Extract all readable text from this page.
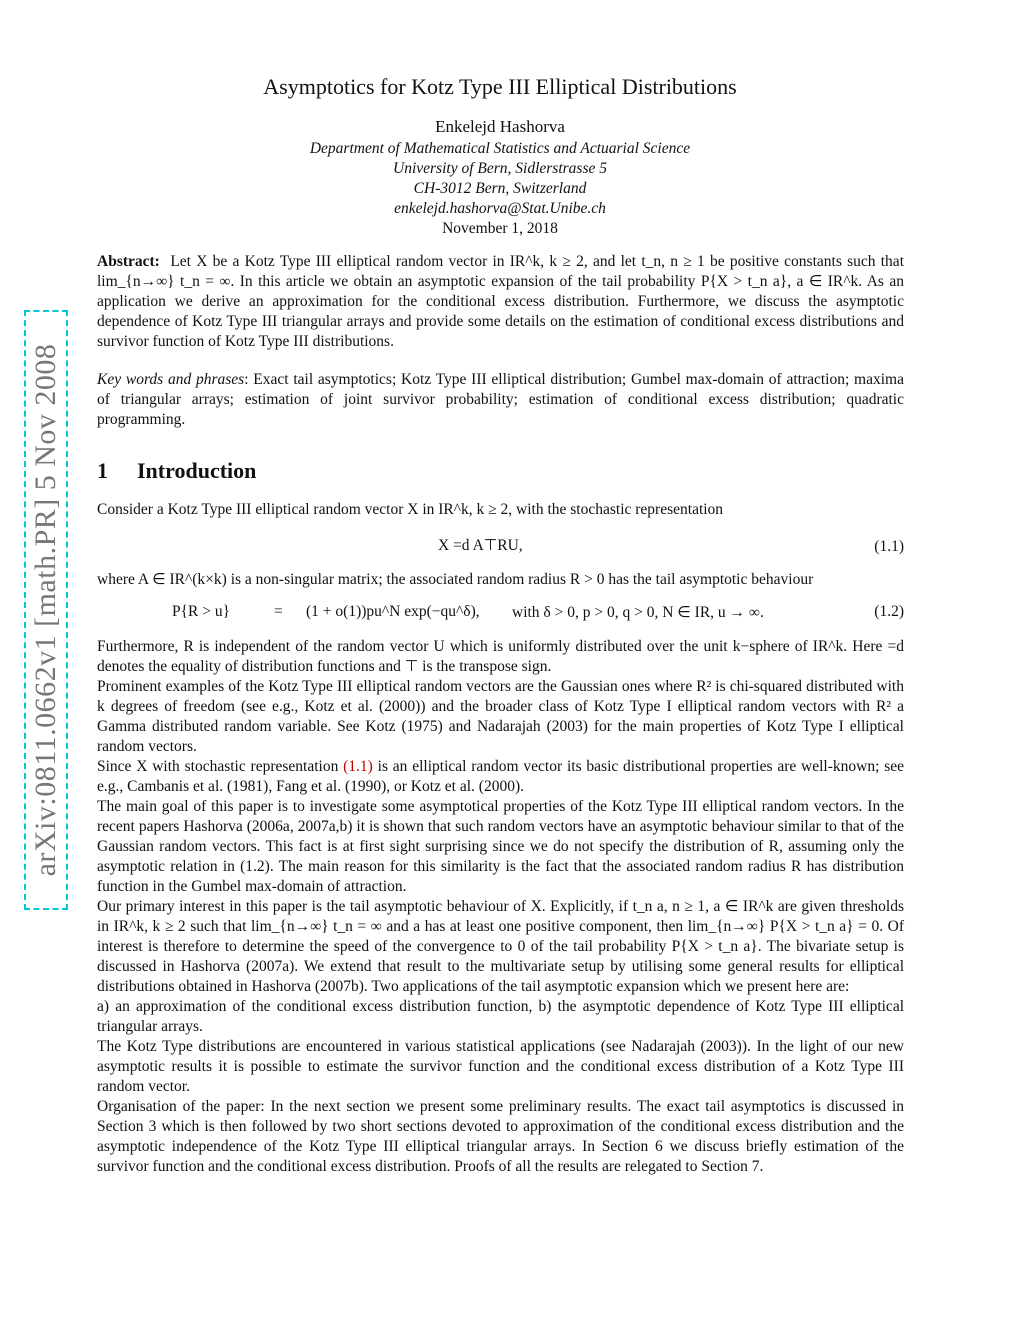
arXiv:0811.0662v1 [math.PR] 5 Nov 2008
Asymptotics for Kotz Type III Elliptical Distributions
Enkelejd Hashorva
Department of Mathematical Statistics and Actuarial Science
University of Bern, Sidlerstrasse 5
CH-3012 Bern, Switzerland
enkelejd.hashorva@Stat.Unibe.ch
November 1, 2018

Abstract: Let X be a Kotz Type III elliptical random vector in IR^k, k ≥ 2, and let t_n, n ≥ 1 be positive constants such that lim_{n→∞} t_n = ∞. In this article we obtain an asymptotic expansion of the tail probability P{X > t_n a}, a ∈ IR^k. As an application we derive an approximation for the conditional excess distribution. Furthermore, we discuss the asymptotic dependence of Kotz Type III triangular arrays and provide some details on the estimation of conditional excess distributions and survivor function of Kotz Type III distributions.

Key words and phrases: Exact tail asymptotics; Kotz Type III elliptical distribution; Gumbel max-domain of attraction; maxima of triangular arrays; estimation of joint survivor probability; estimation of conditional excess distribution; quadratic programming.

1 Introduction

Consider a Kotz Type III elliptical random vector X in IR^k, k ≥ 2, with the stochastic representation

X =d A⊤RU,	(1.1)

where A ∈ IR^(k×k) is a non-singular matrix; the associated random radius R > 0 has the tail asymptotic behaviour

P{R > u}	= (1 + o(1))pu^N exp(−qu^δ), with δ > 0, p > 0, q > 0, N ∈ IR, u → ∞.	(1.2)

Furthermore, R is independent of the random vector U which is uniformly distributed over the unit k−sphere of IR^k. Here =d denotes the equality of distribution functions and ⊤ is the transpose sign.

Prominent examples of the Kotz Type III elliptical random vectors are the Gaussian ones where R² is chi-squared distributed with k degrees of freedom (see e.g., Kotz et al. (2000)) and the broader class of Kotz Type I elliptical random vectors with R² a Gamma distributed random variable. See Kotz (1975) and Nadarajah (2003) for the main properties of Kotz Type I elliptical random vectors.

Since X with stochastic representation (1.1) is an elliptical random vector its basic distributional properties are well-known; see e.g., Cambanis et al. (1981), Fang et al. (1990), or Kotz et al. (2000).

The main goal of this paper is to investigate some asymptotical properties of the Kotz Type III elliptical random vectors. In the recent papers Hashorva (2006a, 2007a,b) it is shown that such random vectors have an asymptotic behaviour similar to that of the Gaussian random vectors. This fact is at first sight surprising since we do not specify the distribution of R, assuming only the asymptotic relation in (1.2). The main reason for this similarity is the fact that the associated random radius R has distribution function in the Gumbel max-domain of attraction.

Our primary interest in this paper is the tail asymptotic behaviour of X. Explicitly, if t_n a, n ≥ 1, a ∈ IR^k are given thresholds in IR^k, k ≥ 2 such that lim_{n→∞} t_n = ∞ and a has at least one positive component, then lim_{n→∞} P{X > t_n a} = 0. Of interest is therefore to determine the speed of the convergence to 0 of the tail probability P{X > t_n a}. The bivariate setup is discussed in Hashorva (2007a). We extend that result to the multivariate setup by utilising some general results for elliptical distributions obtained in Hashorva (2007b). Two applications of the tail asymptotic expansion which we present here are:

a) an approximation of the conditional excess distribution function, b) the asymptotic dependence of Kotz Type III elliptical triangular arrays.

The Kotz Type distributions are encountered in various statistical applications (see Nadarajah (2003)). In the light of our new asymptotic results it is possible to estimate the survivor function and the conditional excess distribution of a Kotz Type III random vector.

Organisation of the paper: In the next section we present some preliminary results. The exact tail asymptotics is discussed in Section 3 which is then followed by two short sections devoted to approximation of the conditional excess distribution and the asymptotic independence of the Kotz Type III elliptical triangular arrays. In Section 6 we discuss briefly estimation of the survivor function and the conditional excess distribution. Proofs of all the results are relegated to Section 7.
